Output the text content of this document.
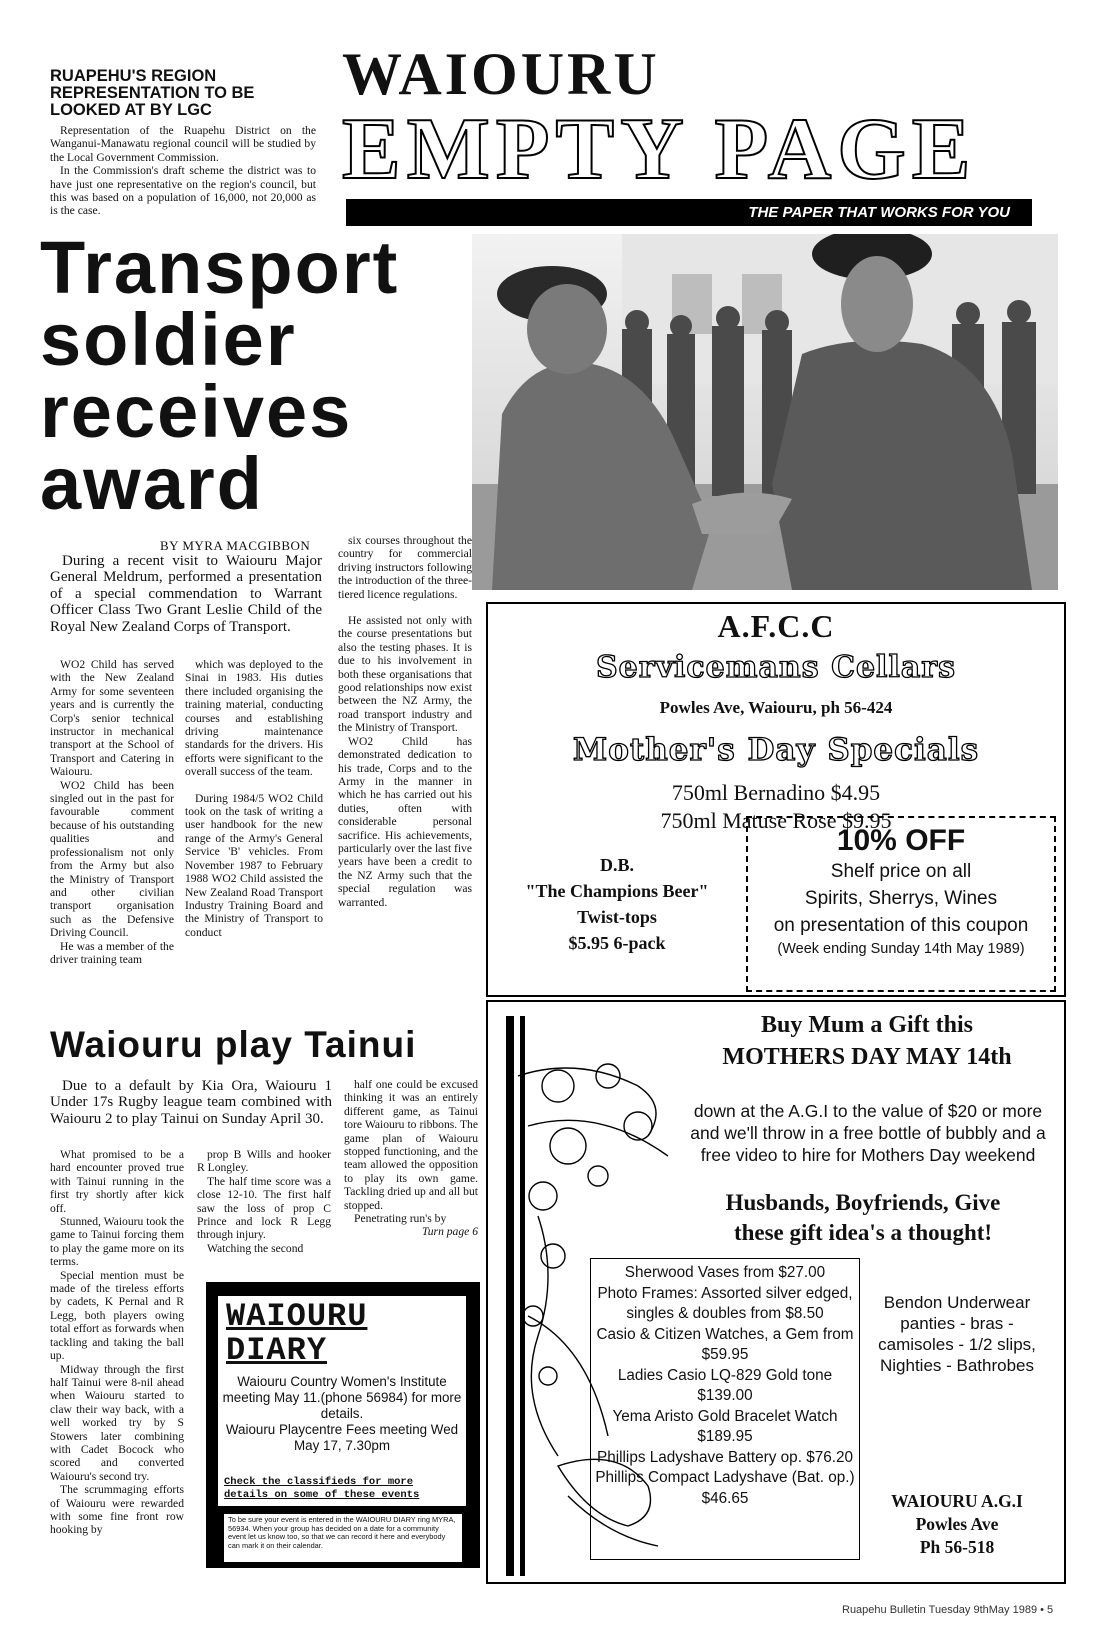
RUAPEHU'S REGION
REPRESENTATION TO BE
LOOKED AT BY LGC

Representation of the Ruapehu District on the Wanganui-Manawatu regional council will be studied by the Local Government Commission.

In the Commission's draft scheme the district was to have just one representative on the region's council, but this was based on a population of 16,000, not 20,000 as is the case.

WAIOURU
EMPTY PAGE
THE PAPER THAT WORKS FOR YOU
Transport
soldier
receives
award
BY MYRA MACGIBBON

During a recent visit to Waiouru Major General Meldrum, performed a presentation of a special commendation to Warrant Officer Class Two Grant Leslie Child of the Royal New Zealand Corps of Transport.

WO2 Child has served with the New Zealand Army for some seventeen years and is currently the Corp's senior technical instructor in mechanical transport at the School of Transport and Catering in Waiouru.

WO2 Child has been singled out in the past for favourable comment because of his outstanding qualities and professionalism not only from the Army but also the Ministry of Transport and other civilian transport organisation such as the Defensive Driving Council.

He was a member of the driver training team

which was deployed to the Sinai in 1983. His duties there included organising the training material, conducting courses and establishing driving maintenance standards for the drivers. His efforts were significant to the overall success of the team.

During 1984/5 WO2 Child took on the task of writing a user handbook for the new range of the Army's General Service 'B' vehicles. From November 1987 to February 1988 WO2 Child assisted the New Zealand Road Transport Industry Training Board and the Ministry of Transport to conduct

six courses throughout the country for commercial driving instructors following the introduction of the three-tiered licence regulations.

He assisted not only with the course presentations but also the testing phases. It is due to his involvement in both these organisations that good relationships now exist between the NZ Army, the road transport industry and the Ministry of Transport.

WO2 Child has demonstrated dedication to his trade, Corps and to the Army in the manner in which he has carried out his duties, often with considerable personal sacrifice. His achievements, particularly over the last five years have been a credit to the NZ Army such that the special regulation was warranted.

A.F.C.C
Servicemans Cellars
Powles Ave, Waiouru, ph 56-424
Mother's Day Specials
750ml Bernadino $4.95
750ml Matuse Rose $9.95
D.B.
"The Champions Beer"
Twist-tops
$5.95 6-pack
10% OFF
Shelf price on all
Spirits, Sherrys, Wines
on presentation of this coupon
(Week ending Sunday 14th May 1989)
Waiouru play Tainui

Due to a default by Kia Ora, Waiouru 1 Under 17s Rugby league team combined with Waiouru 2 to play Tainui on Sunday April 30.

What promised to be a hard encounter proved true with Tainui running in the first try shortly after kick off.

Stunned, Waiouru took the game to Tainui forcing them to play the game more on its terms.

Special mention must be made of the tireless efforts by cadets, K Pernal and R Legg, both players owing total effort as forwards when tackling and taking the ball up.

Midway through the first half Tainui were 8-nil ahead when Waiouru started to claw their way back, with a well worked try by S Stowers later combining with Cadet Bocock who scored and converted Waiouru's second try.

The scrummaging efforts of Waiouru were rewarded with some fine front row hooking by

prop B Wills and hooker R Longley.

The half time score was a close 12-10. The first half saw the loss of prop C Prince and lock R Legg through injury.

Watching the second

half one could be excused thinking it was an entirely different game, as Tainui tore Waiouru to ribbons. The game plan of Waiouru stopped functioning, and the team allowed the opposition to play its own game. Tackling dried up and all but stopped.

Penetrating run's by

Turn page 6
WAIOURU
DIARY
Waiouru Country Women's Institute meeting May 11.(phone 56984) for more details.
Waiouru Playcentre Fees meeting Wed May 17, 7.30pm
Check the classifieds for more details on some of these events
To be sure your event is entered in the WAIOURU DIARY ring MYRA, 56934. When your group has decided on a date for a community event let us know too, so that we can record it here and everybody can mark it on their calendar.
Buy Mum a Gift this
MOTHERS DAY MAY 14th
down at the A.G.I to the value of $20 or more and we'll throw in a free bottle of bubbly and a free video to hire for Mothers Day weekend
Husbands, Boyfriends, Give
these gift idea's a thought!
Sherwood Vases from $27.00
Photo Frames: Assorted silver edged, singles & doubles from $8.50
Casio & Citizen Watches, a Gem from $59.95
Ladies Casio LQ-829 Gold tone $139.00
Yema Aristo Gold Bracelet Watch $189.95
Phillips Ladyshave Battery op. $76.20
Phillips Compact Ladyshave (Bat. op.) $46.65
Bendon Underwear panties - bras - camisoles - 1/2 slips, Nighties - Bathrobes
WAIOURU A.G.I
Powles Ave
Ph 56-518
Ruapehu Bulletin Tuesday 9thMay 1989 • 5
